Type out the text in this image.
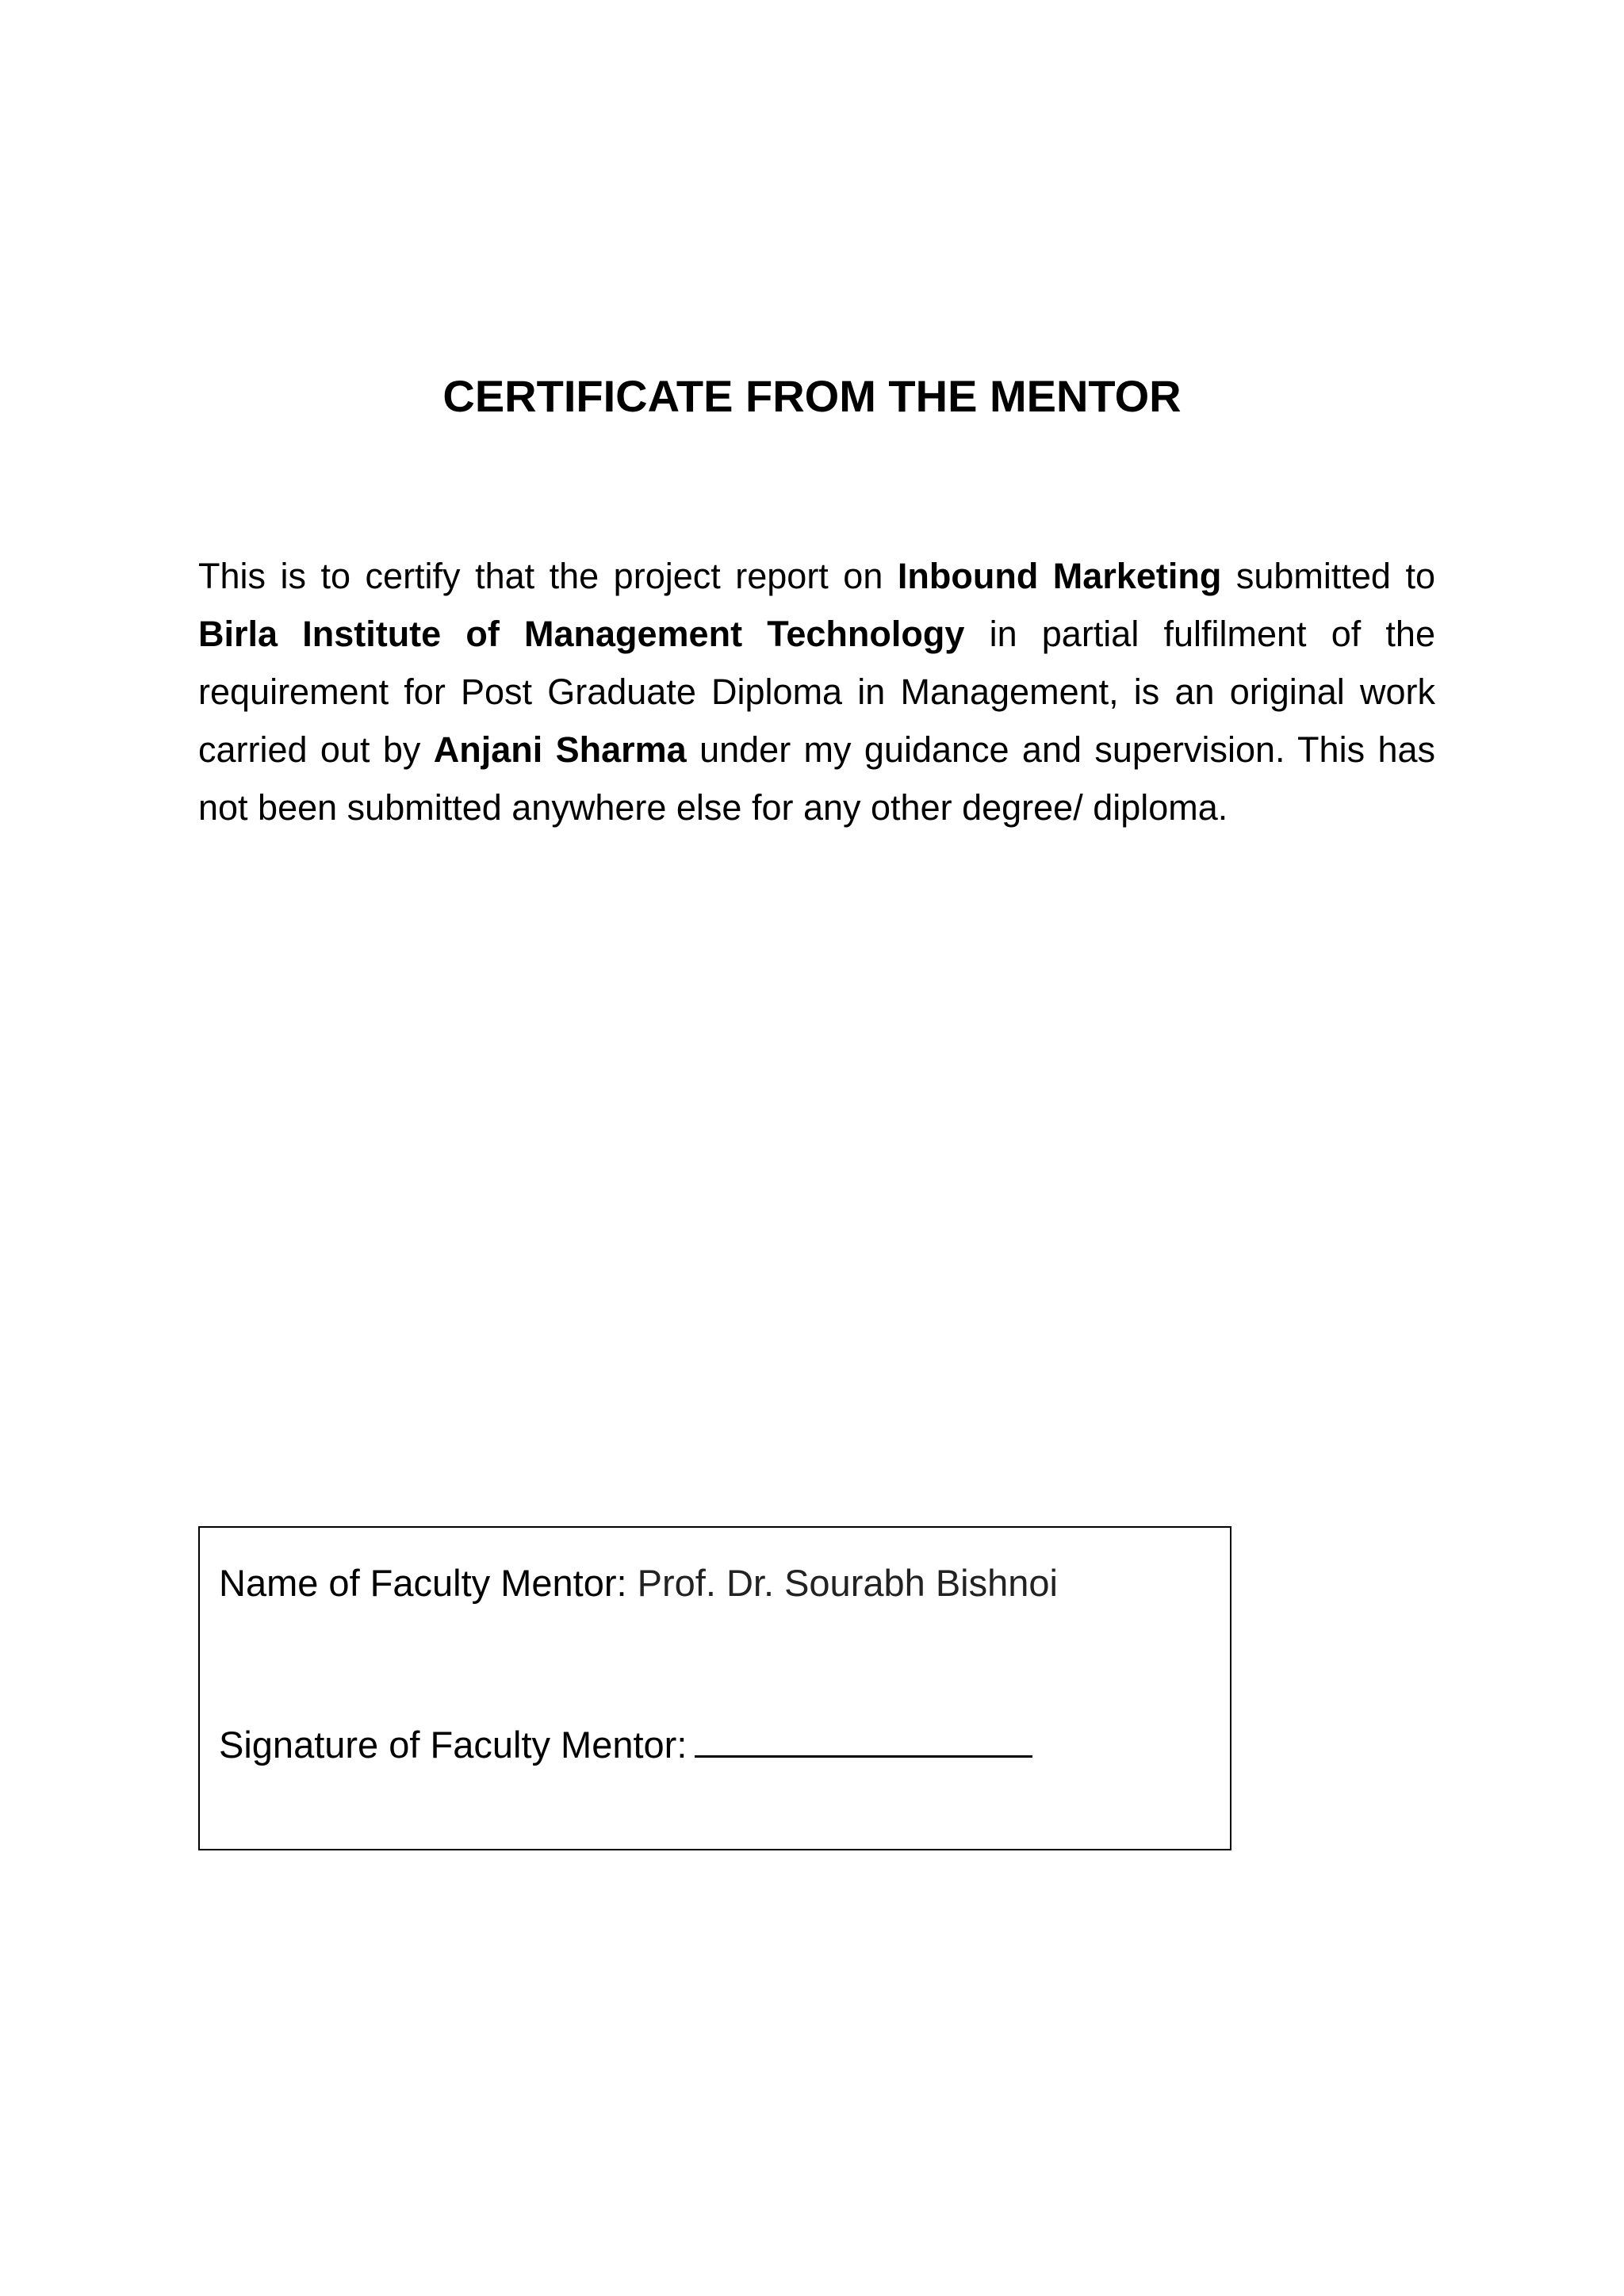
CERTIFICATE FROM THE MENTOR

This is to certify that the project report on Inbound Marketing submitted to Birla Institute of Management Technology in partial fulfilment of the requirement for Post Graduate Diploma in Management, is an original work carried out by Anjani Sharma under my guidance and supervision. This has not been submitted anywhere else for any other degree/ diploma.

Name of Faculty Mentor: Prof. Dr. Sourabh Bishnoi
Signature of Faculty Mentor:
